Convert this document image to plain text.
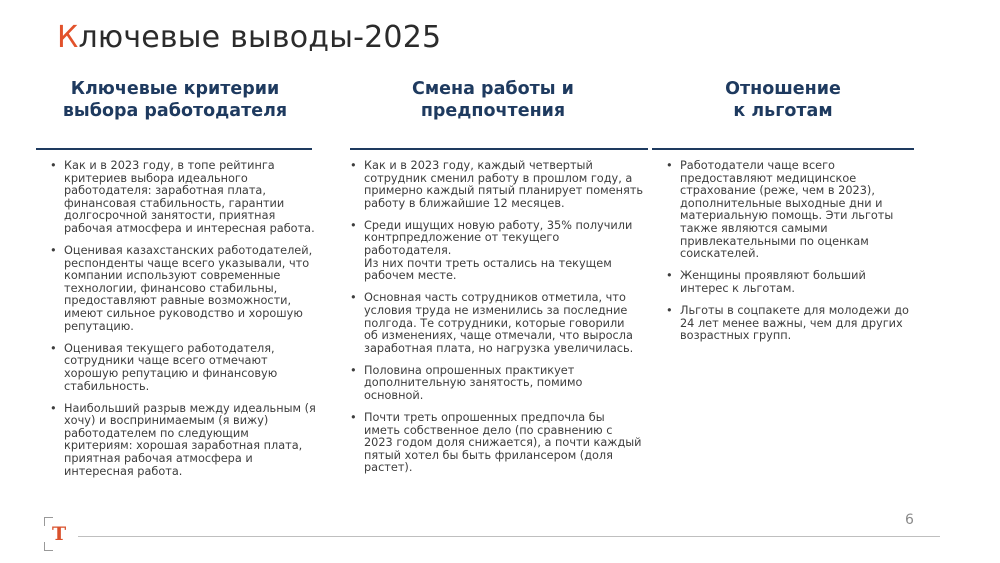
Ключевые выводы-2025
Ключевые критерии
выбора работодателя
• Как и в 2023 году, в топе рейтинга
критериев выбора идеального
работодателя: заработная плата,
финансовая стабильность, гарантии
долгосрочной занятости, приятная
рабочая атмосфера и интересная работа.
• Оценивая казахстанских работодателей,
респонденты чаще всего указывали, что
компании используют современные
технологии, финансово стабильны,
предоставляют равные возможности,
имеют сильное руководство и хорошую
репутацию.
• Оценивая текущего работодателя,
сотрудники чаще всего отмечают
хорошую репутацию и финансовую
стабильность.
• Наибольший разрыв между идеальным (я
хочу) и воспринимаемым (я вижу)
работодателем по следующим
критериям: хорошая заработная плата,
приятная рабочая атмосфера и
интересная работа.
Смена работы и
предпочтения
• Как и в 2023 году, каждый четвертый
сотрудник сменил работу в прошлом году, а
примерно каждый пятый планирует поменять
работу в ближайшие 12 месяцев.
• Среди ищущих новую работу, 35% получили
контрпредложение от текущего
работодателя.
Из них почти треть остались на текущем
рабочем месте.
• Основная часть сотрудников отметила, что
условия труда не изменились за последние
полгода. Те сотрудники, которые говорили
об изменениях, чаще отмечали, что выросла
заработная плата, но нагрузка увеличилась.
• Половина опрошенных практикует
дополнительную занятость, помимо
основной.
• Почти треть опрошенных предпочла бы
иметь собственное дело (по сравнению с
2023 годом доля снижается), а почти каждый
пятый хотел бы быть фрилансером (доля
растет).
Отношение
к льготам
• Работодатели чаще всего
предоставляют медицинское
страхование (реже, чем в 2023),
дополнительные выходные дни и
материальную помощь. Эти льготы
также являются самыми
привлекательными по оценкам
соискателей.
• Женщины проявляют больший
интерес к льготам.
• Льготы в соцпакете для молодежи до
24 лет менее важны, чем для других
возрастных групп.
T
6
